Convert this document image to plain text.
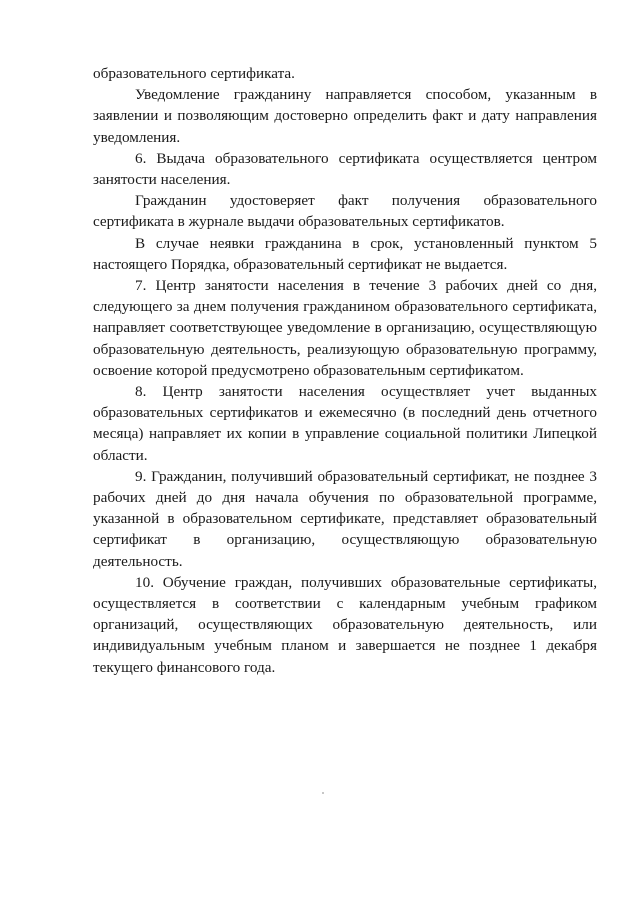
образовательного сертификата.

Уведомление гражданину направляется способом, указанным в заявлении и позволяющим достоверно определить факт и дату направления уведомления.

6. Выдача образовательного сертификата осуществляется центром занятости населения.

Гражданин удостоверяет факт получения образовательного сертификата в журнале выдачи образовательных сертификатов.

В случае неявки гражданина в срок, установленный пунктом 5 настоящего Порядка, образовательный сертификат не выдается.

7. Центр занятости населения в течение 3 рабочих дней со дня, следующего за днем получения гражданином образовательного сертификата, направляет соответствующее уведомление в организацию, осуществляющую образовательную деятельность, реализующую образовательную программу, освоение которой предусмотрено образовательным сертификатом.

8. Центр занятости населения осуществляет учет выданных образовательных сертификатов и ежемесячно (в последний день отчетного месяца) направляет их копии в управление социальной политики Липецкой области.

9. Гражданин, получивший образовательный сертификат, не позднее 3 рабочих дней до дня начала обучения по образовательной программе, указанной в образовательном сертификате, представляет образовательный сертификат в организацию, осуществляющую образовательную деятельность.

10. Обучение граждан, получивших образовательные сертификаты, осуществляется в соответствии с календарным учебным графиком организаций, осуществляющих образовательную деятельность, или индивидуальным учебным планом и завершается не позднее 1 декабря текущего финансового года.
